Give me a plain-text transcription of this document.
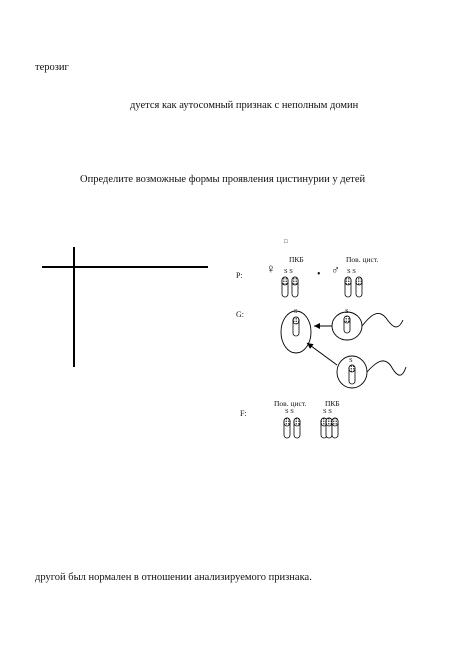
терозиг
дуется как аутосомный признак с неполным домин
Определите возможные формы проявления цистинурии у детей
другой был нормален в отношении анализируемого признака.
□
ПКБ	Пов. цист.
P: ♀ S S • ♂ S S
G:	S	S
S
Пов. цист. ПКБ
F:	S S	S S
